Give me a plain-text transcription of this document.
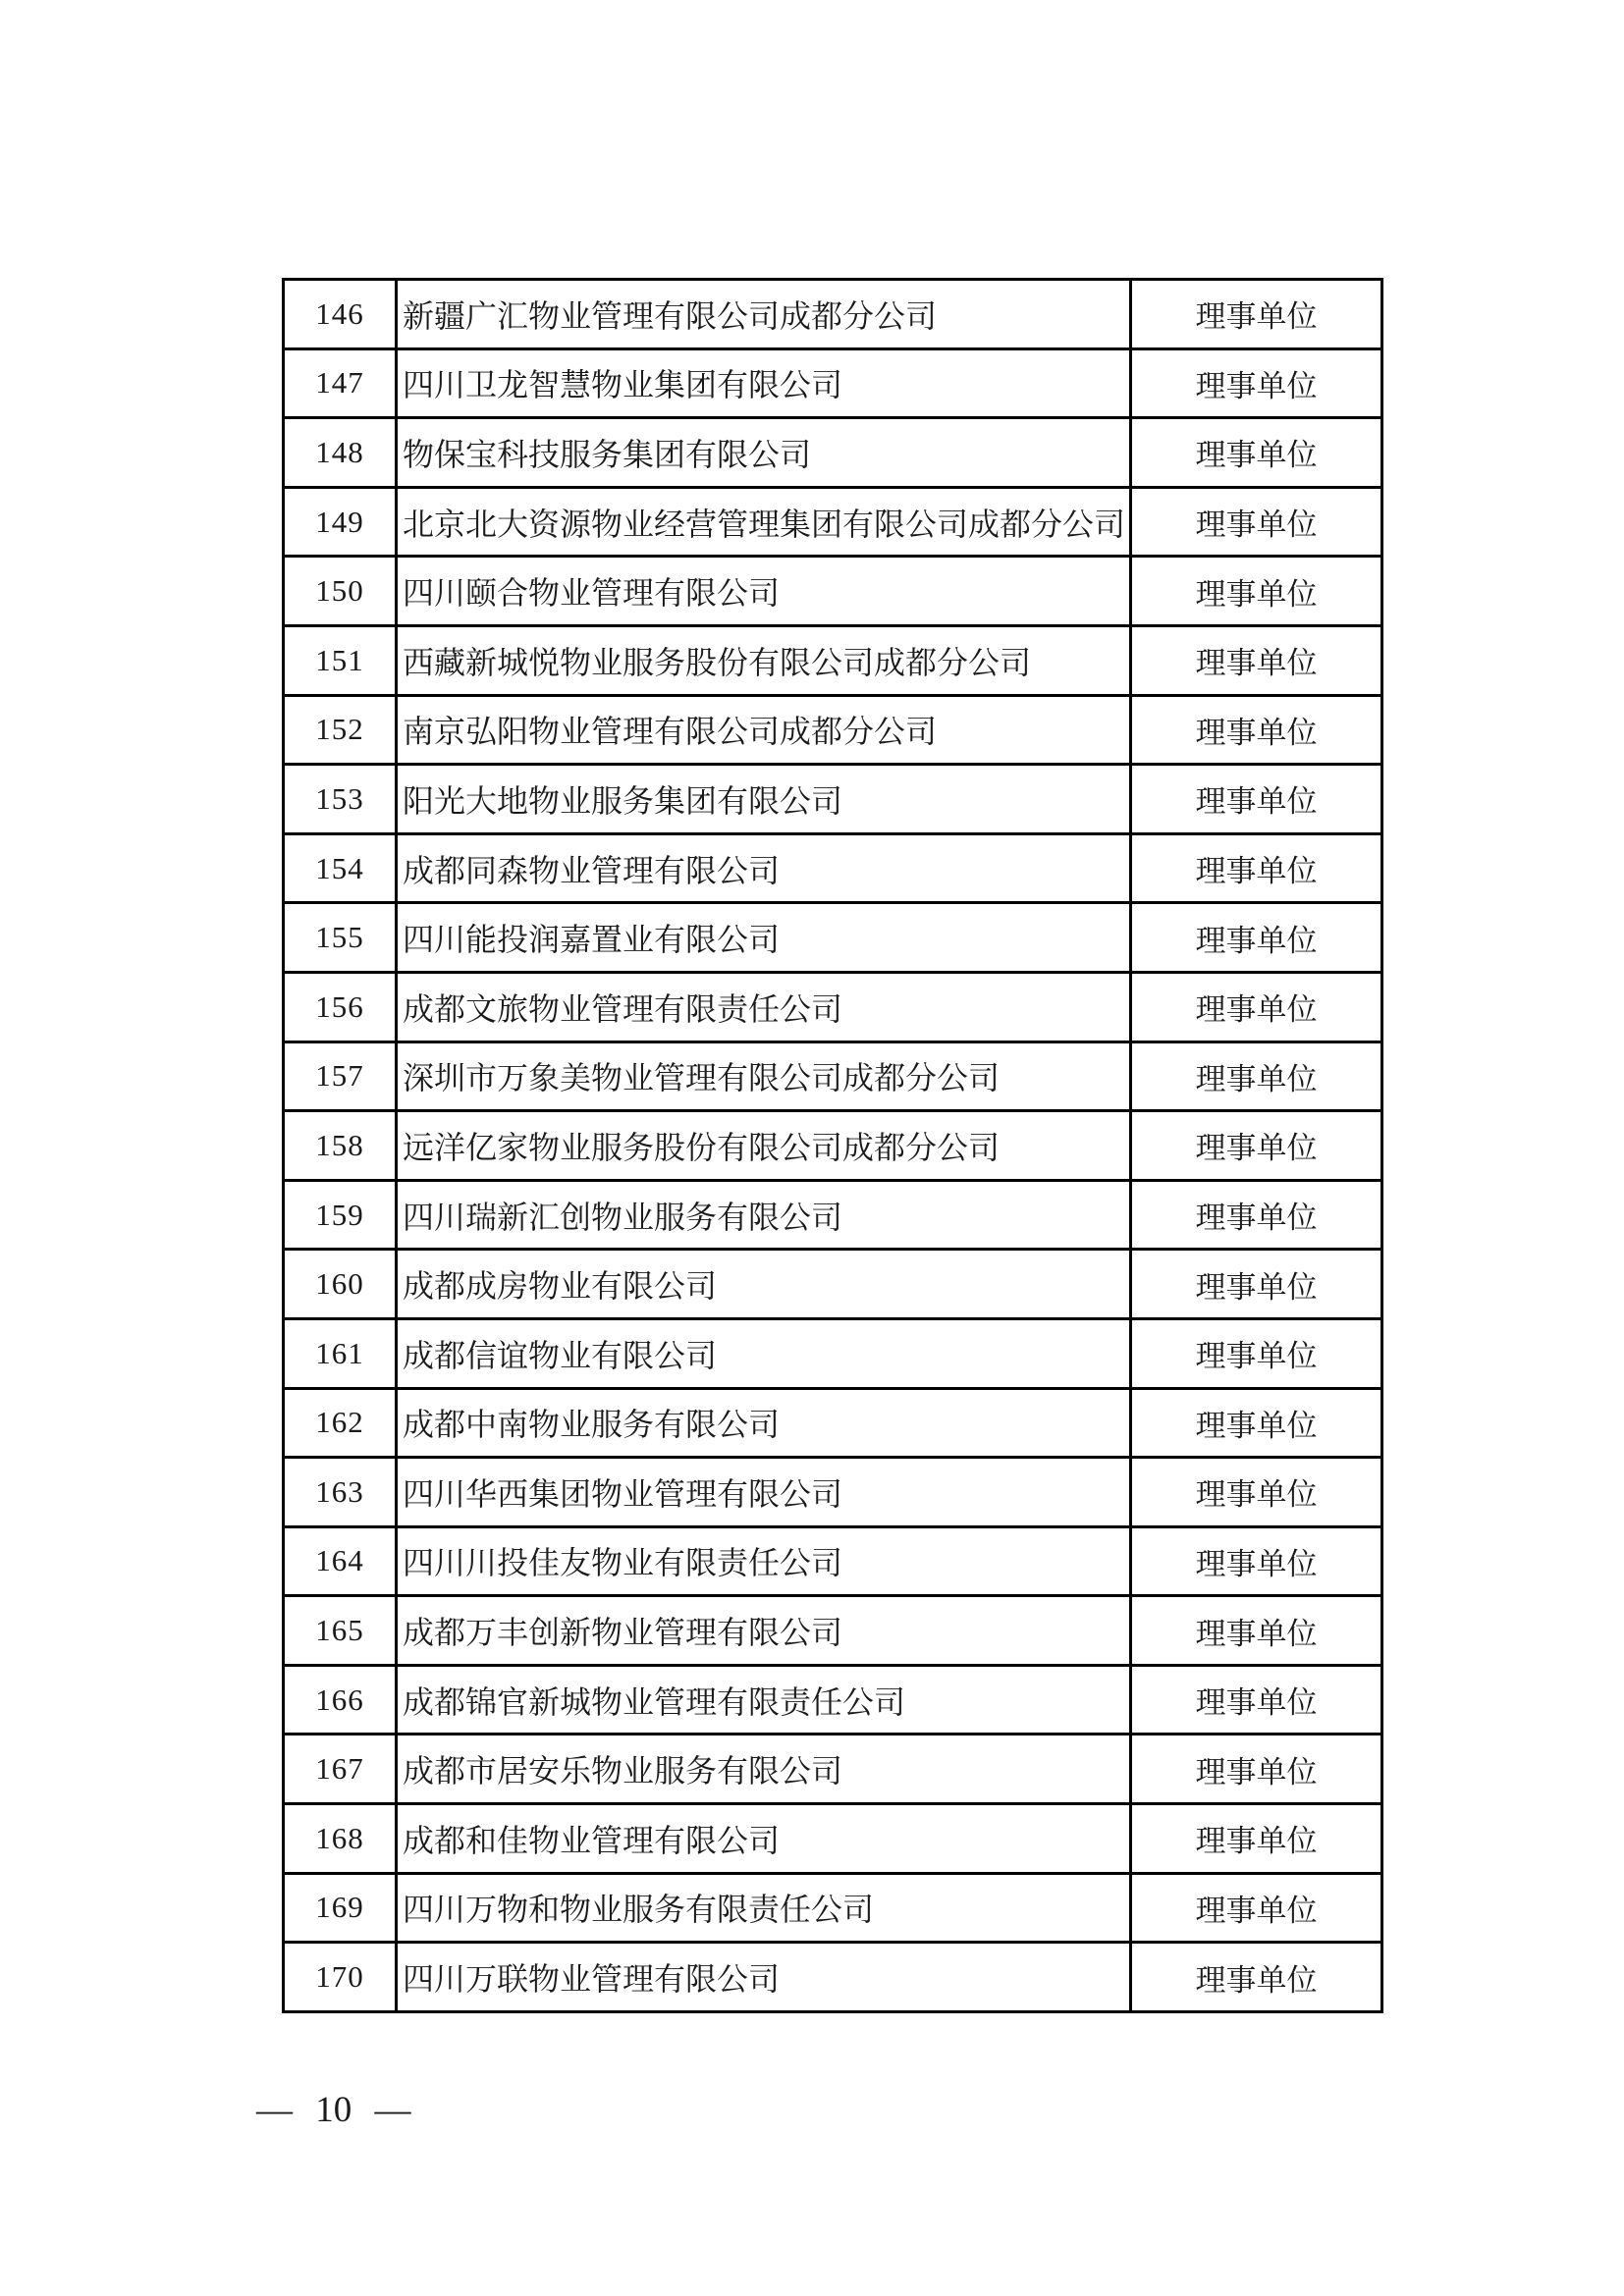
146	新疆广汇物业管理有限公司成都分公司	理事单位
147	四川卫龙智慧物业集团有限公司	理事单位
148	物保宝科技服务集团有限公司	理事单位
149	北京北大资源物业经营管理集团有限公司成都分公司	理事单位
150	四川颐合物业管理有限公司	理事单位
151	西藏新城悦物业服务股份有限公司成都分公司	理事单位
152	南京弘阳物业管理有限公司成都分公司	理事单位
153	阳光大地物业服务集团有限公司	理事单位
154	成都同森物业管理有限公司	理事单位
155	四川能投润嘉置业有限公司	理事单位
156	成都文旅物业管理有限责任公司	理事单位
157	深圳市万象美物业管理有限公司成都分公司	理事单位
158	远洋亿家物业服务股份有限公司成都分公司	理事单位
159	四川瑞新汇创物业服务有限公司	理事单位
160	成都成房物业有限公司	理事单位
161	成都信谊物业有限公司	理事单位
162	成都中南物业服务有限公司	理事单位
163	四川华西集团物业管理有限公司	理事单位
164	四川川投佳友物业有限责任公司	理事单位
165	成都万丰创新物业管理有限公司	理事单位
166	成都锦官新城物业管理有限责任公司	理事单位
167	成都市居安乐物业服务有限公司	理事单位
168	成都和佳物业管理有限公司	理事单位
169	四川万物和物业服务有限责任公司	理事单位
170	四川万联物业管理有限公司	理事单位
— 10 —
